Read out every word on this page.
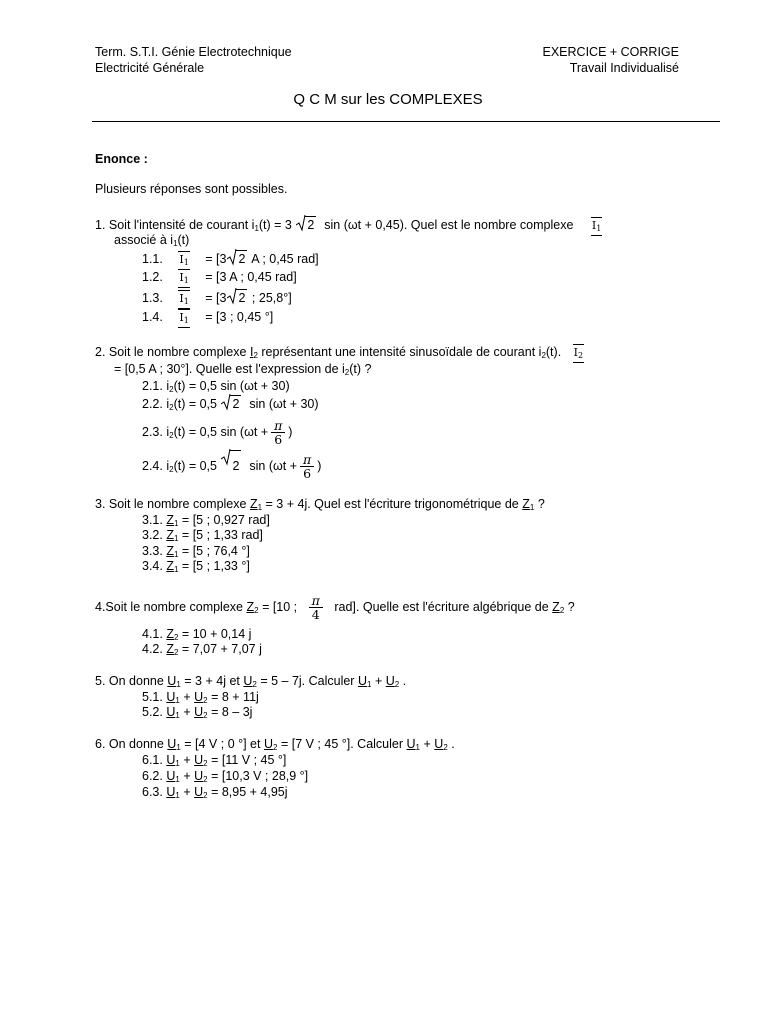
Term. S.T.I. Génie Electrotechnique
Electricité Générale
EXERCICE + CORRIGE
Travail Individualisé
Q C M sur les COMPLEXES
Enonce :
Plusieurs réponses sont possibles.
1. Soit l'intensité de courant $i_1(t) = 3$ 2 sin (ωt + 0,45). Quel est le nombre complexe $I_1$
associé à $i_1(t)$
1.1. $I_1 = [3$ 2 A ; 0,45 rad]
1.2. $I_1 = [3$ A ; 0,45 rad]
1.3. $I_1 = [3$ 2 ; 25,8°]
1.4. $I_1 = [3$ ; 0,45 °]
2. Soit le nombre complexe $I_2$ représentant une intensité sinusoïdale de courant $i_2(t)$. $I_2$
= [0,5 A ; 30°]. Quelle est l'expression de $i_2(t)$ ?
2.1. $i_2(t) = 0,5$ sin (ωt + 30)
2.2. $i_2(t) = 0,5$ 2 sin (ωt + 30)
2.3. $i_2(t) = 0,5$ $\sin (\omega t + \frac{\pi}{6}$ )
2.4. $i_2(t) = 0,5$ 2 $\sin (\omega t + \frac{\pi}{6}$ )
3. Soit le nombre complexe $Z_1 = 3 + 4j$. Quel est l'écriture trigonométrique de $Z_1$ ?
3.1. $Z_1 = [5$ ; 0,927 rad]
3.2. $Z_1 = [5$ ; 1,33 rad]
3.3. $Z_1 = [5$ ; 76,4 °]
3.4. $Z_1 = [5$ ; 1,33 °]
4.Soit le nombre complexe $Z_2 = [10$ ; $\frac{\pi}{4} rad$]. Quelle est l'écriture algébrique de $Z_2$ ?
4.1. $Z_2 = 10 + 0,14$ j
4.2. $Z_2 = 7,07 + 7,07$ j
5. On donne $U_1 = 3 + 4j$ et $U_2 = 5 - 7j$. Calculer $U_1 + U_2$ .
5.1. $U_1 + U_2 = 8 + 11j$
5.2. $U_1 + U_2 = 8 - 3j$
6. On donne $U_1 = [4$ V ; 0 °] et $U_2 = [7$ V ; 45 °]. Calculer $U_1 + U_2$ .
6.1. $U_1 + U_2 = [11$ V ; 45 °]
6.2. $U_1 + U_2 = [10,3$ V ; 28,9 °]
6.3. $U_1 + U_2 = 8,95 + 4,95j$
